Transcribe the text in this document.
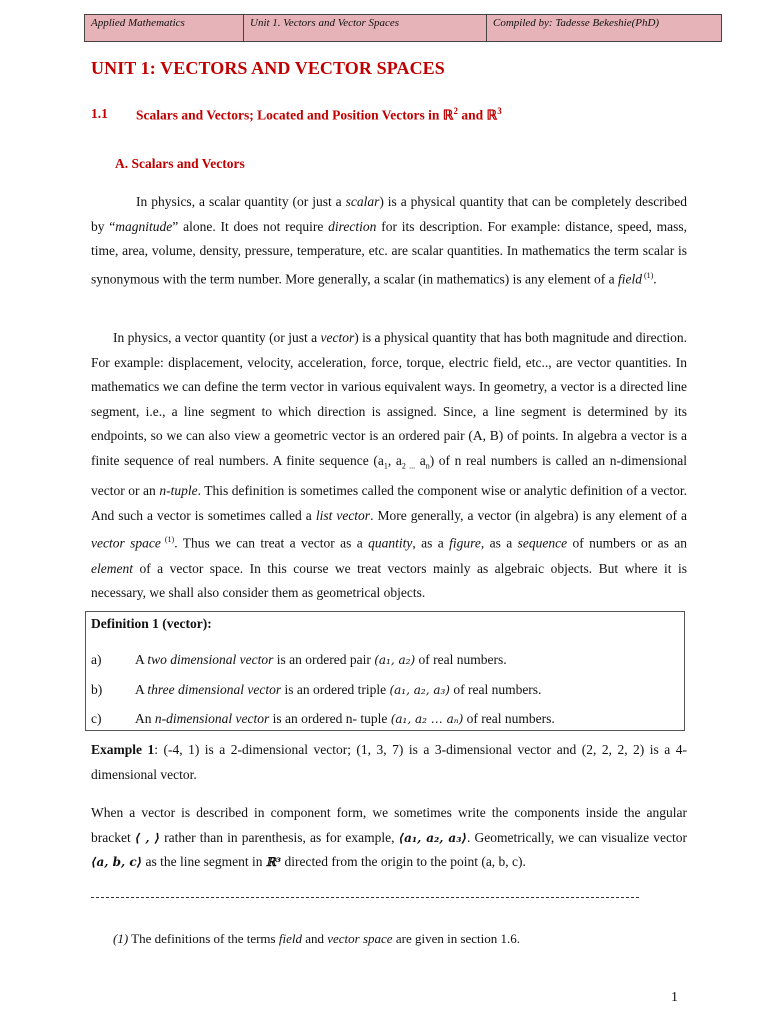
Applied Mathematics	Unit 1. Vectors and Vector Spaces	Compiled by: Tadesse Bekeshie(PhD)
UNIT 1: VECTORS AND VECTOR SPACES
1.1 Scalars and Vectors; Located and Position Vectors in ℝ$^2$ and ℝ$^3$
A. Scalars and Vectors

In physics, a scalar quantity (or just a scalar) is a physical quantity that can be completely described by “magnitude” alone. It does not require direction for its description. For example: distance, speed, mass, time, area, volume, density, pressure, temperature, etc. are scalar quantities. In mathematics the term scalar is synonymous with the term number. More generally, a scalar (in mathematics) is any element of a field $^{(1)}$.

In physics, a vector quantity (or just a vector) is a physical quantity that has both magnitude and direction. For example: displacement, velocity, acceleration, force, torque, electric field, etc.., are vector quantities. In mathematics we can define the term vector in various equivalent ways. In geometry, a vector is a directed line segment, i.e., a line segment to which direction is assigned. Since, a line segment is determined by its endpoints, so we can also view a geometric vector is an ordered pair (A, B) of points. In algebra a vector is a finite sequence of real numbers. A finite sequence ($a_1$, $a_{2 ...}$ $a_n$) of n real numbers is called an n-dimensional vector or an n-tuple. This definition is sometimes called the component wise or analytic definition of a vector. And such a vector is sometimes called a list vector. More generally, a vector (in algebra) is any element of a vector space $^{(1)}$. Thus we can treat a vector as a quantity, as a figure, as a sequence of numbers or as an element of a vector space. In this course we treat vectors mainly as algebraic objects. But where it is necessary, we shall also consider them as geometrical objects.

Definition 1 (vector):
a)	A two dimensional vector is an ordered pair (a₁, a₂) of real numbers.
b)	A three dimensional vector is an ordered triple (a₁, a₂, a₃) of real numbers.
c)	An n-dimensional vector is an ordered n- tuple (a₁, a₂ … aₙ) of real numbers.

Example 1: (-4, 1) is a 2-dimensional vector; (1, 3, 7) is a 3-dimensional vector and (2, 2, 2, 2) is a 4-dimensional vector.

When a vector is described in component form, we sometimes write the components inside the angular bracket ⟨ , ⟩ rather than in parenthesis, as for example, ⟨a₁, a₂, a₃⟩. Geometrically, we can visualize vector ⟨a, b, c⟩ as the line segment in ℝ³ directed from the origin to the point (a, b, c).

(1) The definitions of the terms field and vector space are given in section 1.6.

1
